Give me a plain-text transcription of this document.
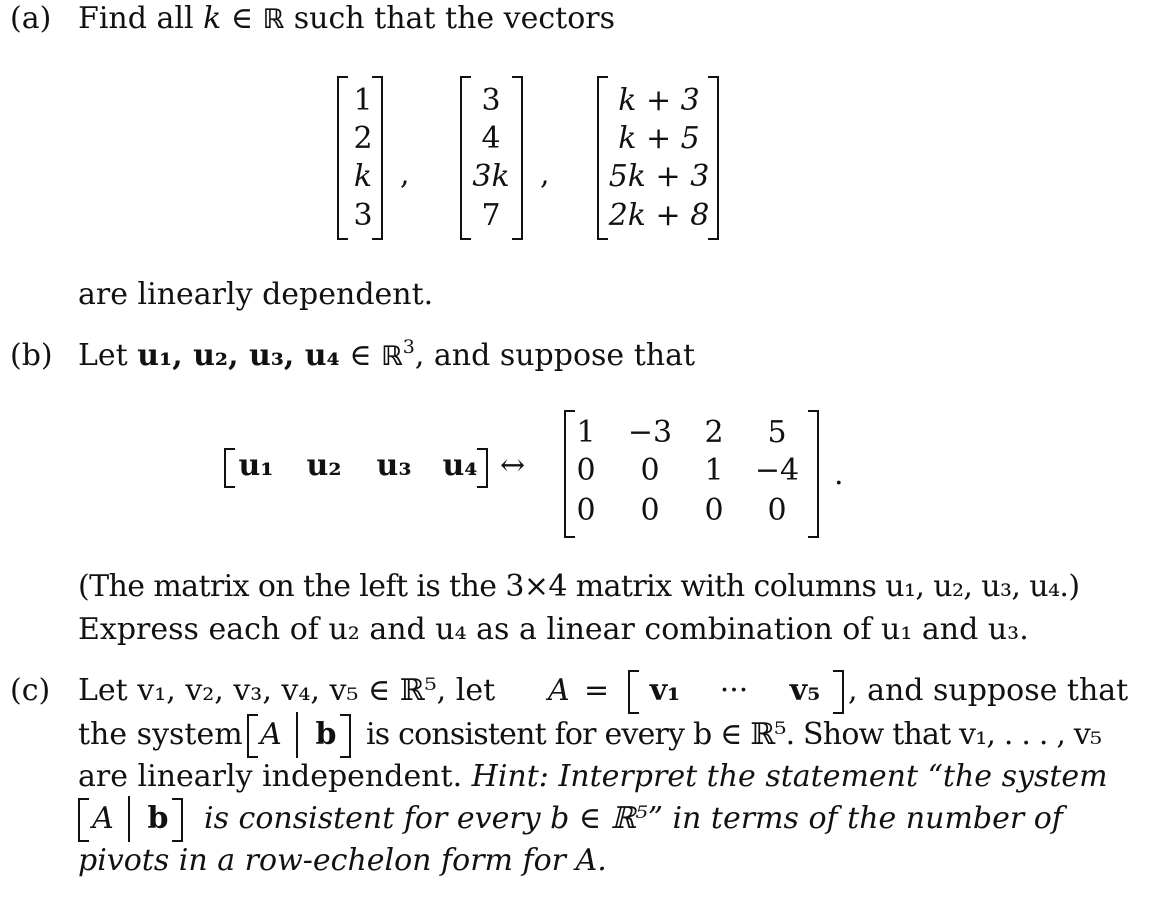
(a) Find all k ∈ ℝ such that the vectors
1
2
k
3
,
3
4
3k
7
,
k + 3
k + 5
5k + 3
2k + 8
are linearly dependent.
(b) Let u₁, u₂, u₃, u₄ ∈ ℝ$^3$, and suppose that
u₁ u₂ u₃ u₄ ↔
1 −3 2	5
0	0	1	−4
0	0	0	0
.
(The matrix on the left is the 3×4 matrix with columns u₁, u₂, u₃, u₄.)
Express each of u₂ and u₄ as a linear combination of u₁ and u₃.
(c) Let v₁, v₂, v₃, v₄, v₅ ∈ ℝ⁵, let A =	v₁	···	v₅ , and suppose that
the system A b is consistent for every b ∈ ℝ⁵. Show that v₁, . . . , v₅
are linearly independent. Hint: Interpret the statement “the system
A b is consistent for every b ∈ ℝ⁵” in terms of the number of
pivots in a row-echelon form for A.
